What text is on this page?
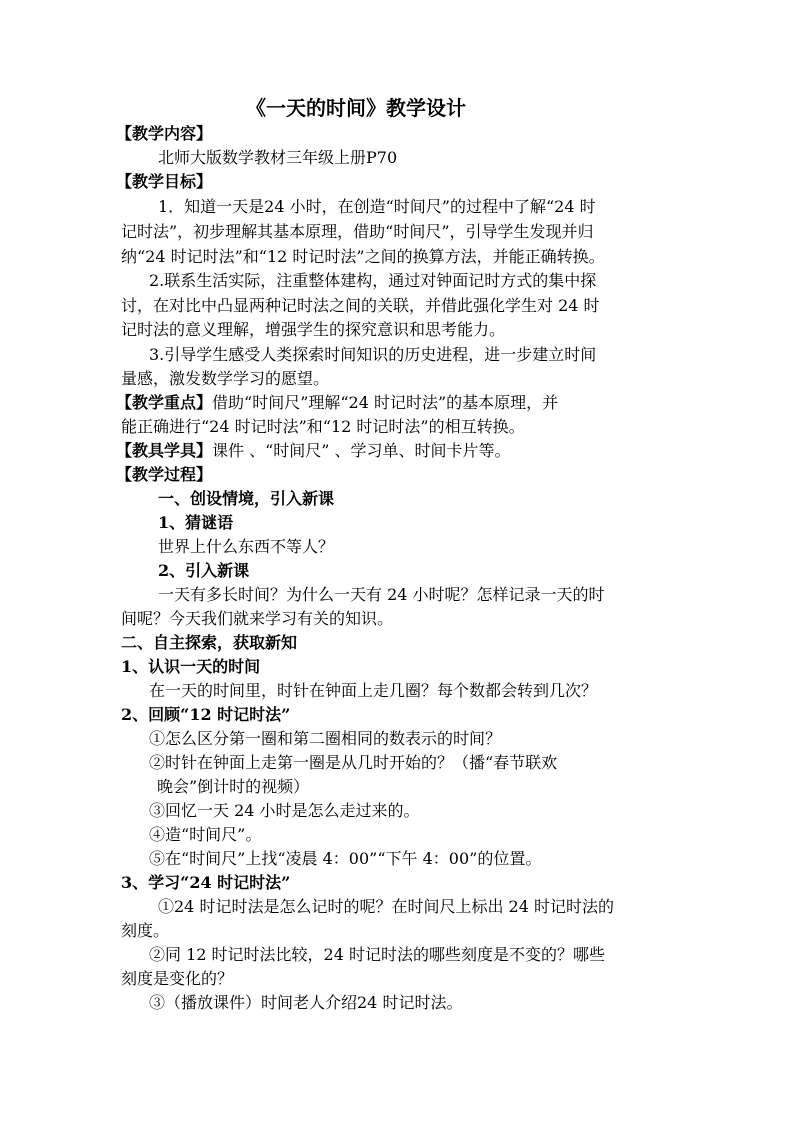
《一天的时间》教学设计
【教学内容】
北师大版数学教材三年级上册P70
【教学目标】
1．知道一天是24 小时，在创造“时间尺”的过程中了解“24 时
记时法”，初步理解其基本原理，借助“时间尺”，引导学生发现并归
纳“24 时记时法”和“12 时记时法”之间的换算方法，并能正确转换。
2.联系生活实际，注重整体建构，通过对钟面记时方式的集中探
讨，在对比中凸显两种记时法之间的关联，并借此强化学生对 24 时
记时法的意义理解，增强学生的探究意识和思考能力。
3.引导学生感受人类探索时间知识的历史进程，进一步建立时间
量感，激发数学学习的愿望。
【教学重点】借助“时间尺”理解“24 时记时法”的基本原理，并
能正确进行“24 时记时法”和“12 时记时法”的相互转换。
【教具学具】课件 、“时间尺” 、学习单、时间卡片等。
【教学过程】
一、创设情境，引入新课
1、猜谜语
世界上什么东西不等人？
2、引入新课
一天有多长时间？为什么一天有 24 小时呢？怎样记录一天的时
间呢？今天我们就来学习有关的知识。
二、自主探索，获取新知
1、认识一天的时间
在一天的时间里，时针在钟面上走几圈？每个数都会转到几次？
2、回顾“12 时记时法”
①怎么区分第一圈和第二圈相同的数表示的时间？
②时针在钟面上走第一圈是从几时开始的？（播“春节联欢
晚会”倒计时的视频）
③回忆一天 24 小时是怎么走过来的。
④造“时间尺”。
⑤在“时间尺”上找“凌晨 4：00”“下午 4：00”的位置。
3、学习“24 时记时法”
①24 时记时法是怎么记时的呢？在时间尺上标出 24 时记时法的
刻度。
②同 12 时记时法比较，24 时记时法的哪些刻度是不变的？哪些
刻度是变化的？
③（播放课件）时间老人介绍24 时记时法。
